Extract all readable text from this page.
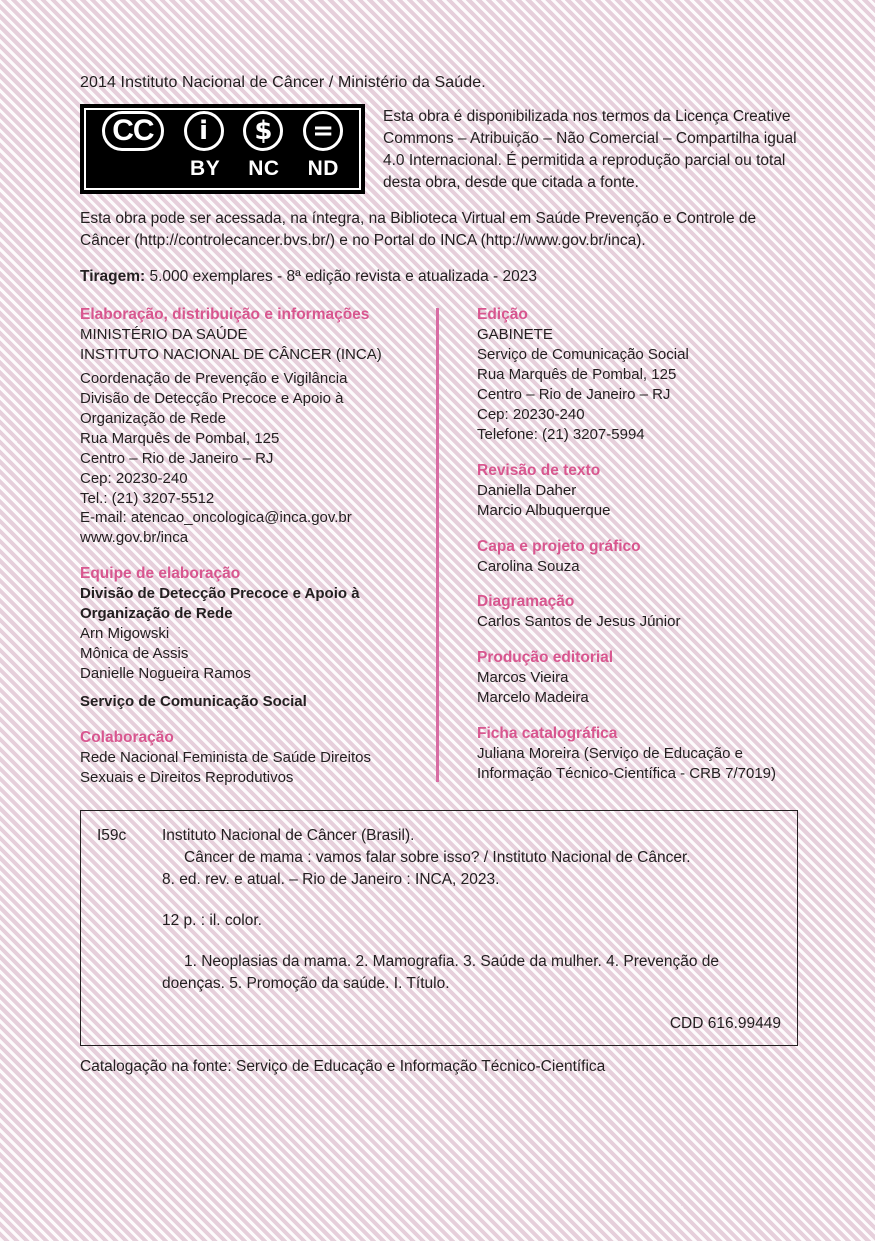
2014 Instituto Nacional de Câncer / Ministério da Saúde.
CC	i	$	=
BY NC ND
Esta obra é disponibilizada nos termos da Licença Creative Commons – Atribuição – Não Comercial – Compartilha igual 4.0 Internacional. É permitida a reprodução parcial ou total desta obra, desde que citada a fonte.

Esta obra pode ser acessada, na íntegra, na Biblioteca Virtual em Saúde Prevenção e Controle de Câncer (http://controlecancer.bvs.br/) e no Portal do INCA (http://www.gov.br/inca).

Tiragem: 5.000 exemplares - 8ª edição revista e atualizada - 2023

Elaboração, distribuição e informações
MINISTÉRIO DA SAÚDE
INSTITUTO NACIONAL DE CÂNCER (INCA)
Coordenação de Prevenção e Vigilância
Divisão de Detecção Precoce e Apoio à
Organização de Rede
Rua Marquês de Pombal, 125
Centro – Rio de Janeiro – RJ
Cep: 20230-240
Tel.: (21) 3207-5512
E-mail: atencao_oncologica@inca.gov.br
www.gov.br/inca
Equipe de elaboração
Divisão de Detecção Precoce e Apoio à
Organização de Rede
Arn Migowski
Mônica de Assis
Danielle Nogueira Ramos
Serviço de Comunicação Social
Colaboração
Rede Nacional Feminista de Saúde Direitos
Sexuais e Direitos Reprodutivos
Edição
GABINETE
Serviço de Comunicação Social
Rua Marquês de Pombal, 125
Centro – Rio de Janeiro – RJ
Cep: 20230-240
Telefone: (21) 3207-5994
Revisão de texto
Daniella Daher
Marcio Albuquerque
Capa e projeto gráfico
Carolina Souza
Diagramação
Carlos Santos de Jesus Júnior
Produção editorial
Marcos Vieira
Marcelo Madeira
Ficha catalográfica
Juliana Moreira (Serviço de Educação e
Informação Técnico-Científica - CRB 7/7019)
I59c	Instituto Nacional de Câncer (Brasil).
Câncer de mama : vamos falar sobre isso? / Instituto Nacional de Câncer.
8. ed. rev. e atual. – Rio de Janeiro : INCA, 2023.
12 p. : il. color.
1. Neoplasias da mama. 2. Mamografia. 3. Saúde da mulher. 4. Prevenção de
doenças. 5. Promoção da saúde. I. Título.
CDD 616.99449
Catalogação na fonte: Serviço de Educação e Informação Técnico-Científica
